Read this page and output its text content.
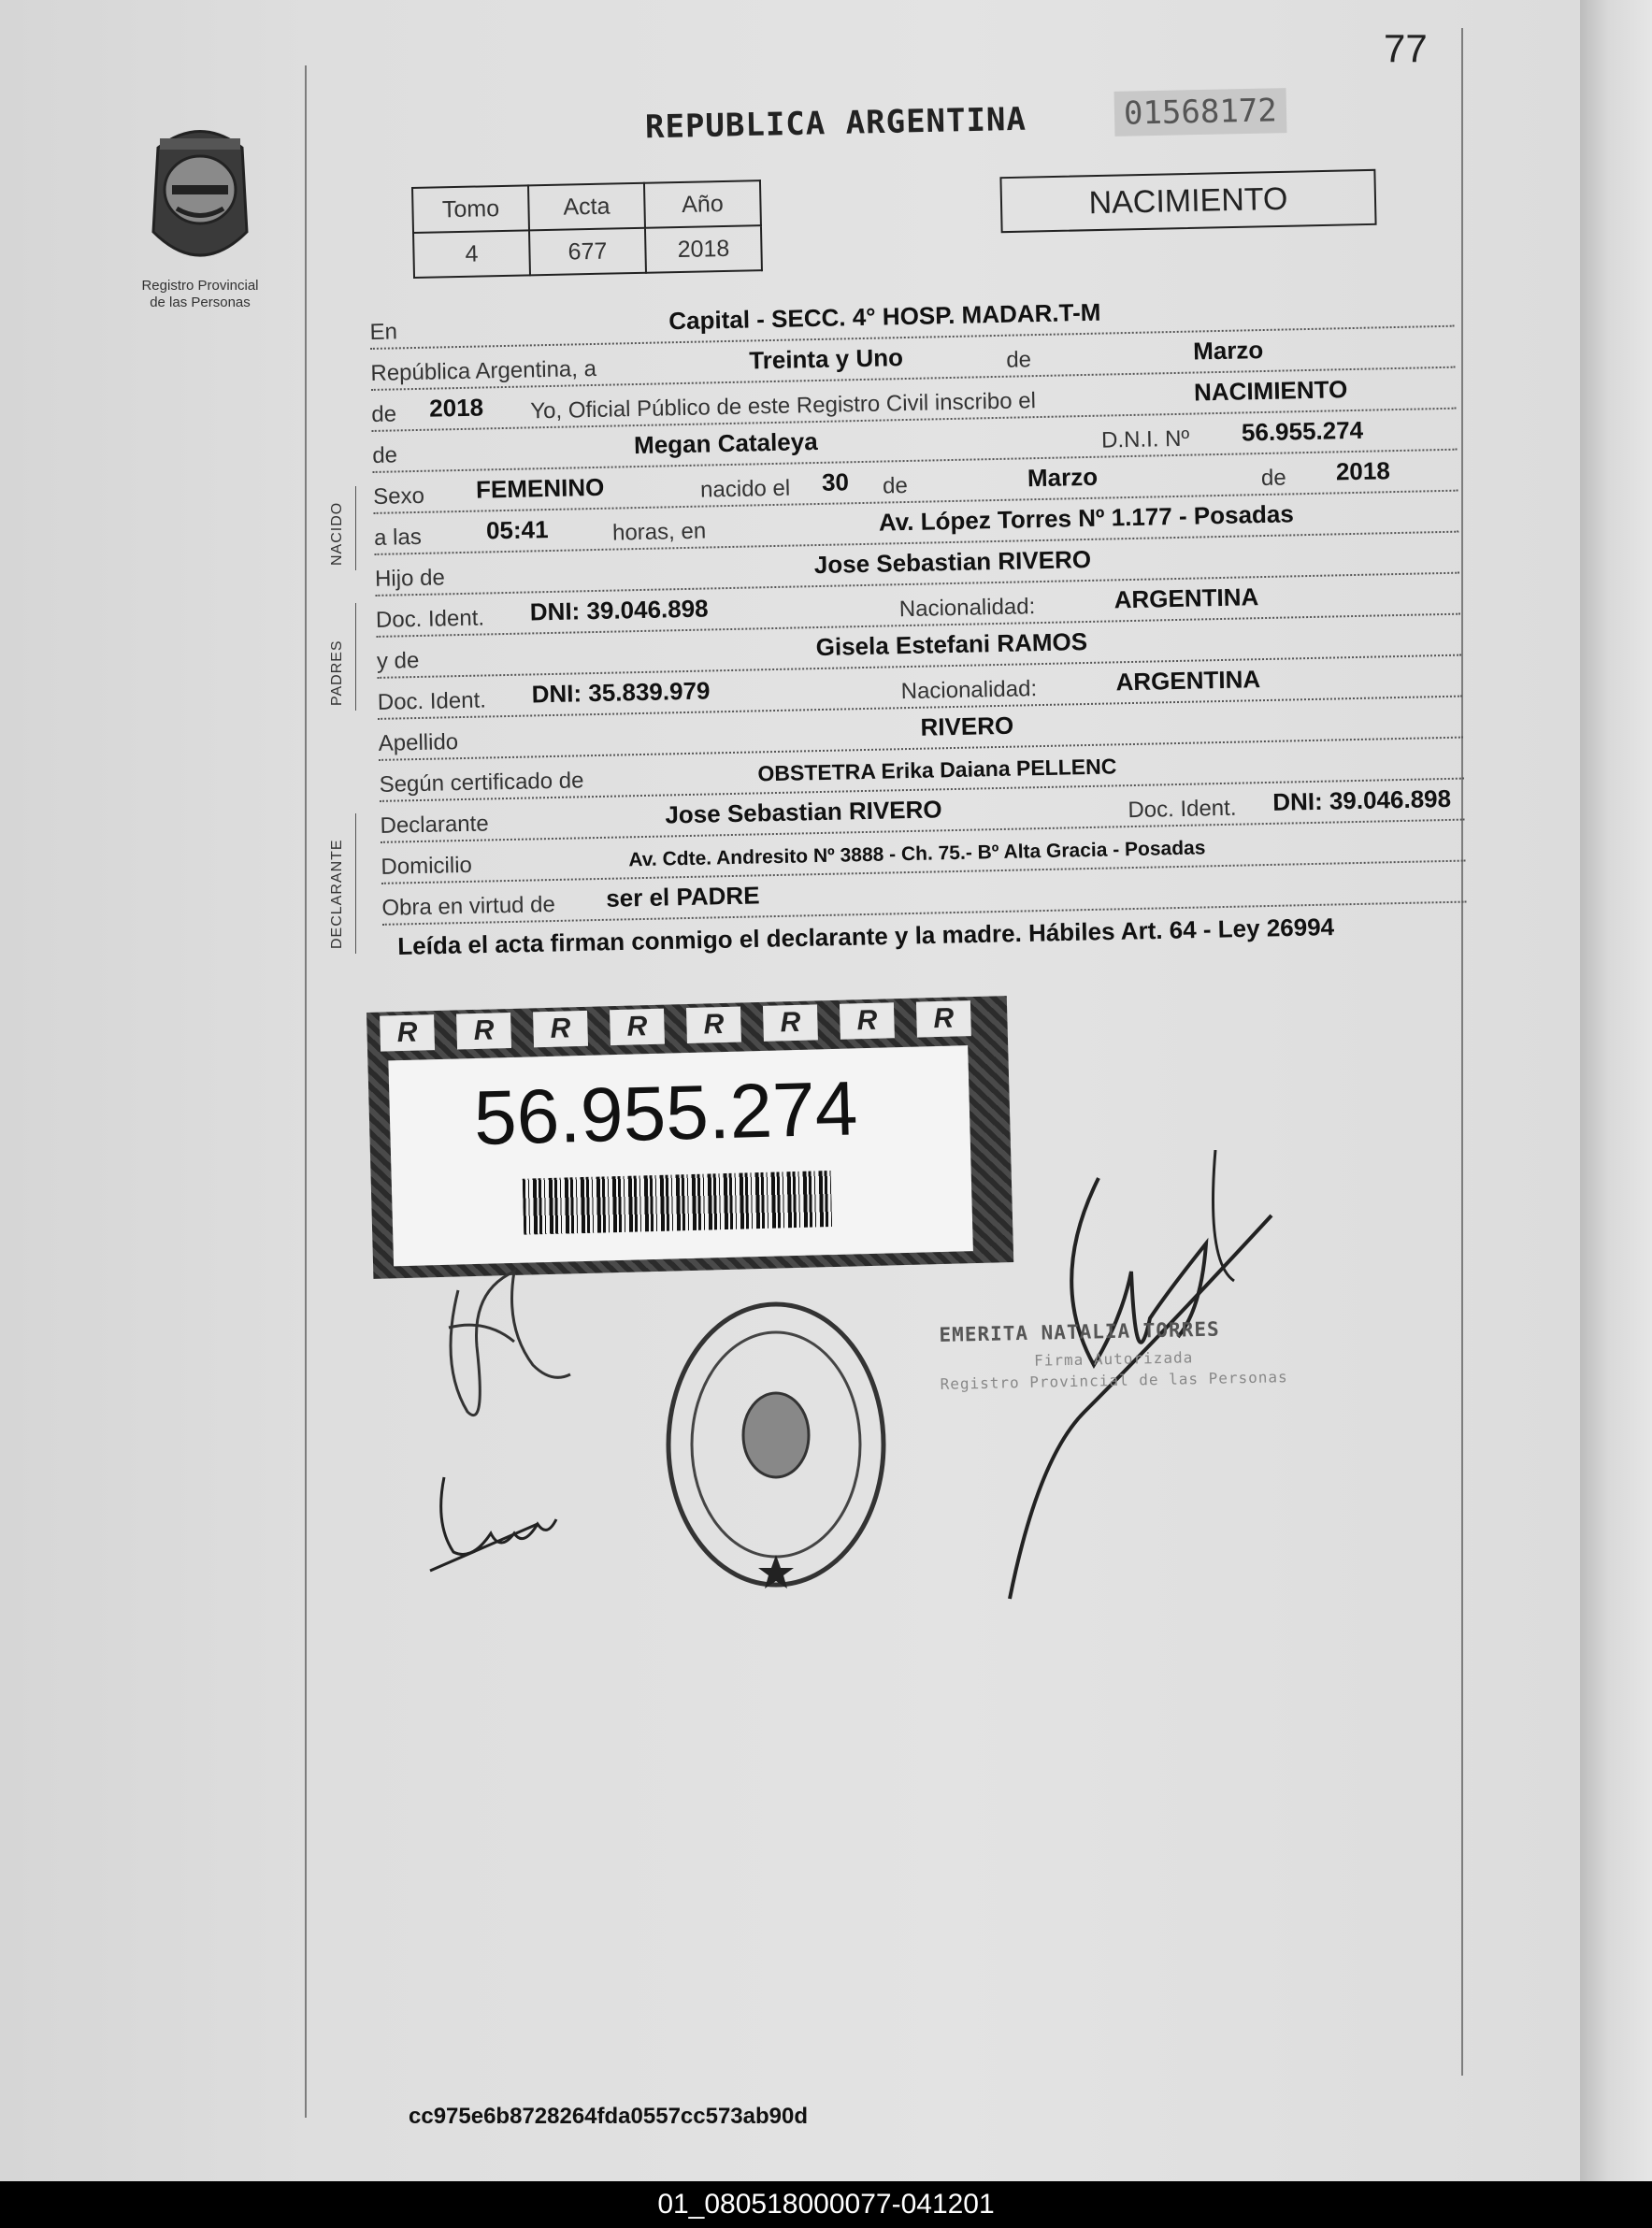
77
Registro Provincial
de las Personas
REPUBLICA ARGENTINA	01568172
Tomo	Acta	Año
4	677	2018
NACIMIENTO
En	Capital - SECC. 4° HOSP. MADAR.T-M
República Argentina, a	Treinta y Uno	de	Marzo
de 2018 Yo, Oficial Público de este Registro Civil inscribo el	NACIMIENTO
de	Megan Cataleya	D.N.I. Nº 56.955.274
Sexo FEMENINO	nacido el 30 de	Marzo	de 2018
a las	05:41	horas, en	Av. López Torres Nº 1.177 - Posadas
Hijo de	Jose Sebastian RIVERO
Doc. Ident. DNI: 39.046.898	Nacionalidad:	ARGENTINA
y de	Gisela Estefani RAMOS
Doc. Ident. DNI: 35.839.979	Nacionalidad:	ARGENTINA
Apellido
RIVERO
Según certificado de	OBSTETRA Erika Daiana PELLENC
Declarante	Jose Sebastian RIVERO	Doc. Ident. DNI: 39.046.898
Domicilio	Av. Cdte. Andresito Nº 3888 - Ch. 75.- Bº Alta Gracia - Posadas
Obra en virtud de ser el PADRE
NACIDO
PADRES
DECLARANTE Leída el acta firman conmigo el declarante y la madre. Hábiles Art. 64 - Ley 26994
R R R R R R R R
56.955.274
EMERITA NATALIA TORRES
Firma Autorizada
Registro Provincial de las Personas
cc975e6b8728264fda0557cc573ab90d
01_080518000077-041201
